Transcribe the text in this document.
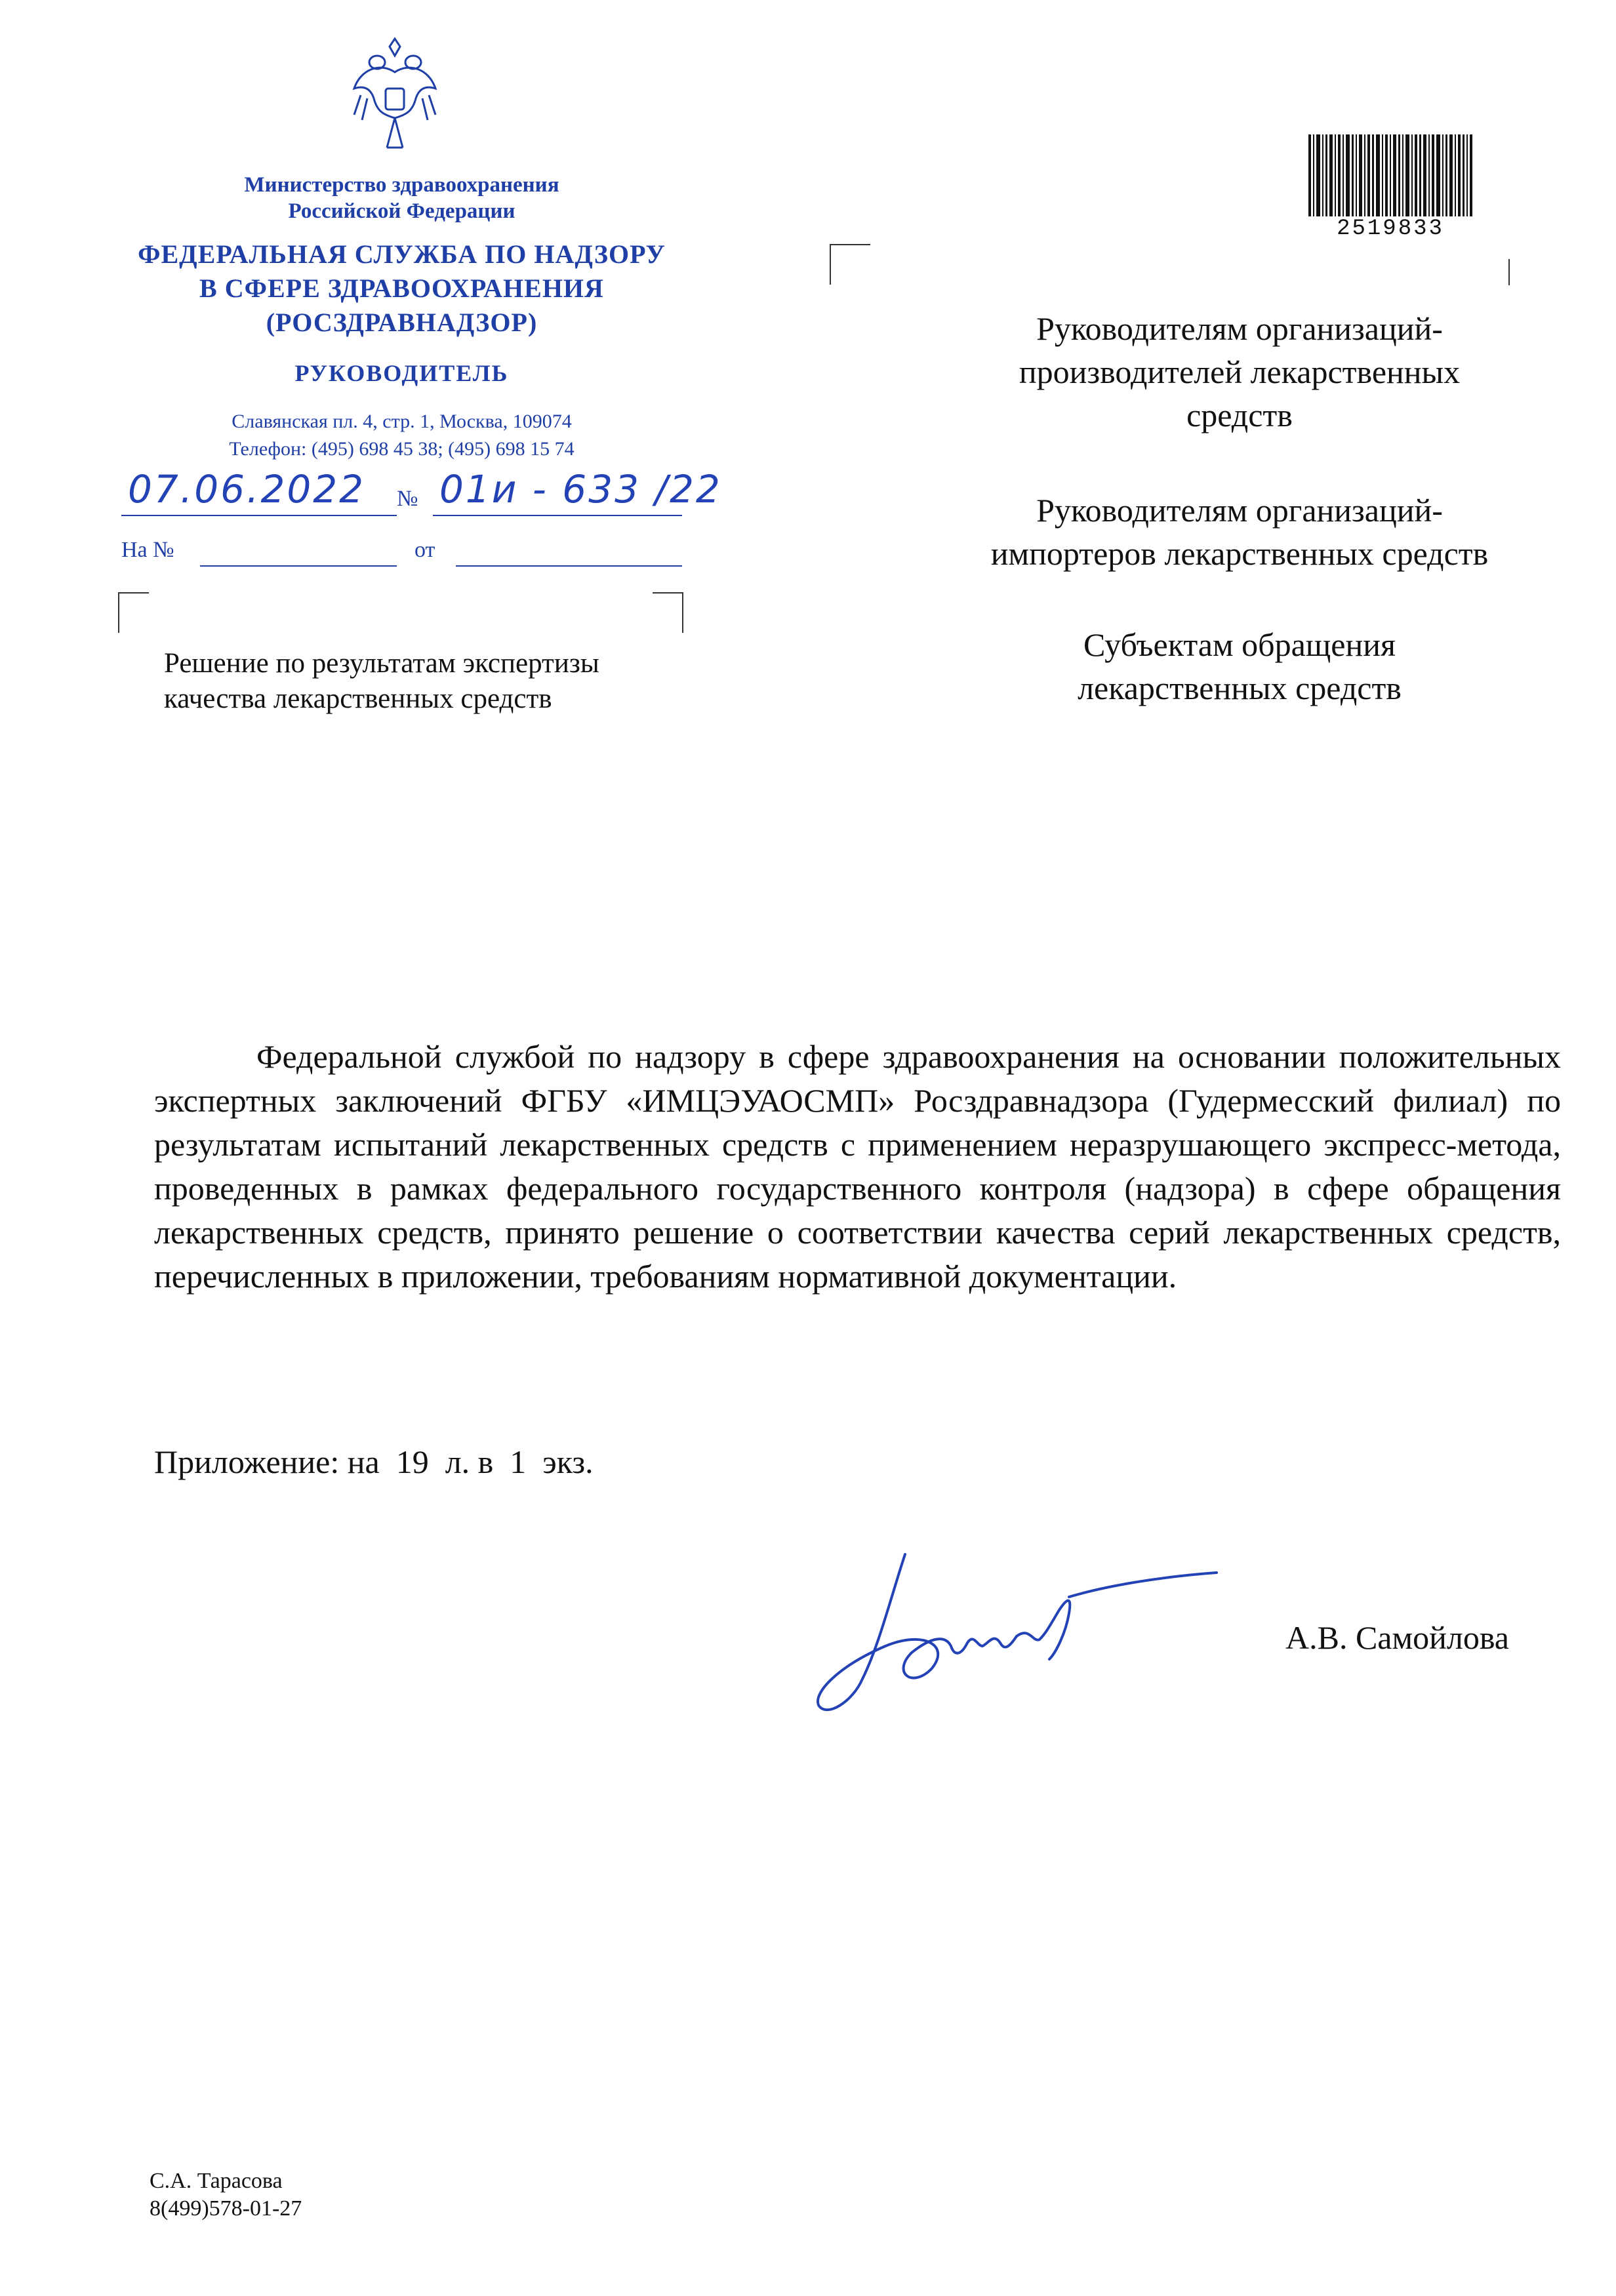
Министерство здравоохранения
Российской Федерации
ФЕДЕРАЛЬНАЯ СЛУЖБА ПО НАДЗОРУ
В СФЕРЕ ЗДРАВООХРАНЕНИЯ
(РОСЗДРАВНАДЗОР)
РУКОВОДИТЕЛЬ
Славянская пл. 4, стр. 1, Москва, 109074
Телефон: (495) 698 45 38; (495) 698 15 74
07.06.2022 № 01и - 633 /22
На №	от
2519833
Руководителям организаций-
производителей лекарственных
средств
Руководителям организаций-
импортеров лекарственных средств
Субъектам обращения
лекарственных средств
Решение по результатам экспертизы
качества лекарственных средств
Федеральной службой по надзору в сфере здравоохранения на основании положительных экспертных заключений ФГБУ «ИМЦЭУАОСМП» Росздравнадзора (Гудермесский филиал) по результатам испытаний лекарственных средств с применением неразрушающего экспресс-метода, проведенных в рамках федерального государственного контроля (надзора) в сфере обращения лекарственных средств, принято решение о соответствии качества серий лекарственных средств, перечисленных в приложении, требованиям нормативной документации.
Приложение: на  19  л. в  1  экз.
А.В. Самойлова
С.А. Тарасова
8(499)578-01-27
